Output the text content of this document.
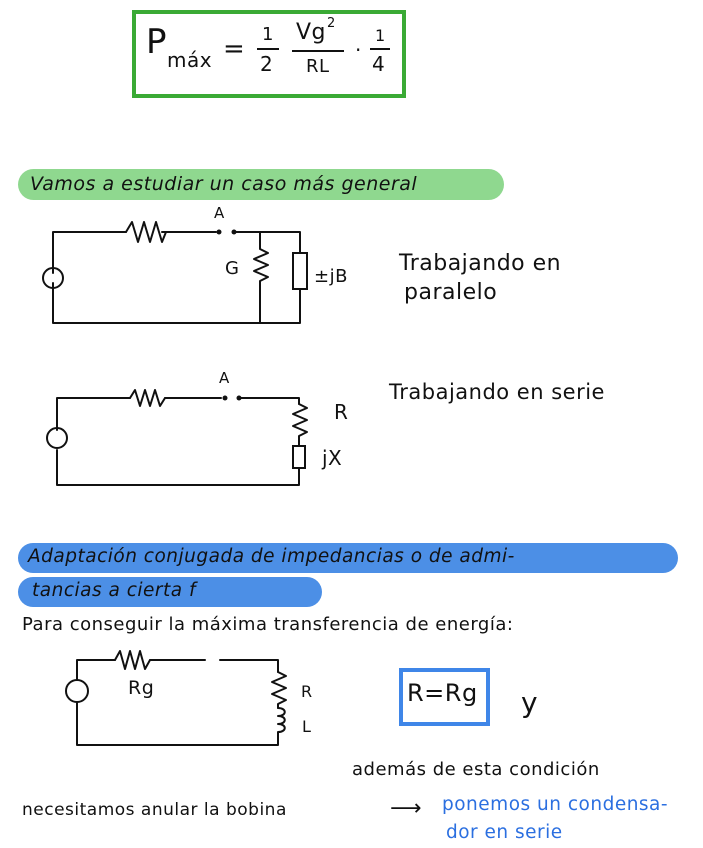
P máx = 1
2
Vg 2
RL
·
1
4
Vamos a estudiar un caso más general
A
G	±jB
Trabajando en
paralelo
A
R
jX
Trabajando en serie
Adaptación conjugada de impedancias o de admi-
tancias a cierta f
Para conseguir la máxima transferencia de energía:
Rg	R
L
R=Rg y
además de esta condición
necesitamos anular la bobina	⟶ ponemos un condensa-
dor en serie
